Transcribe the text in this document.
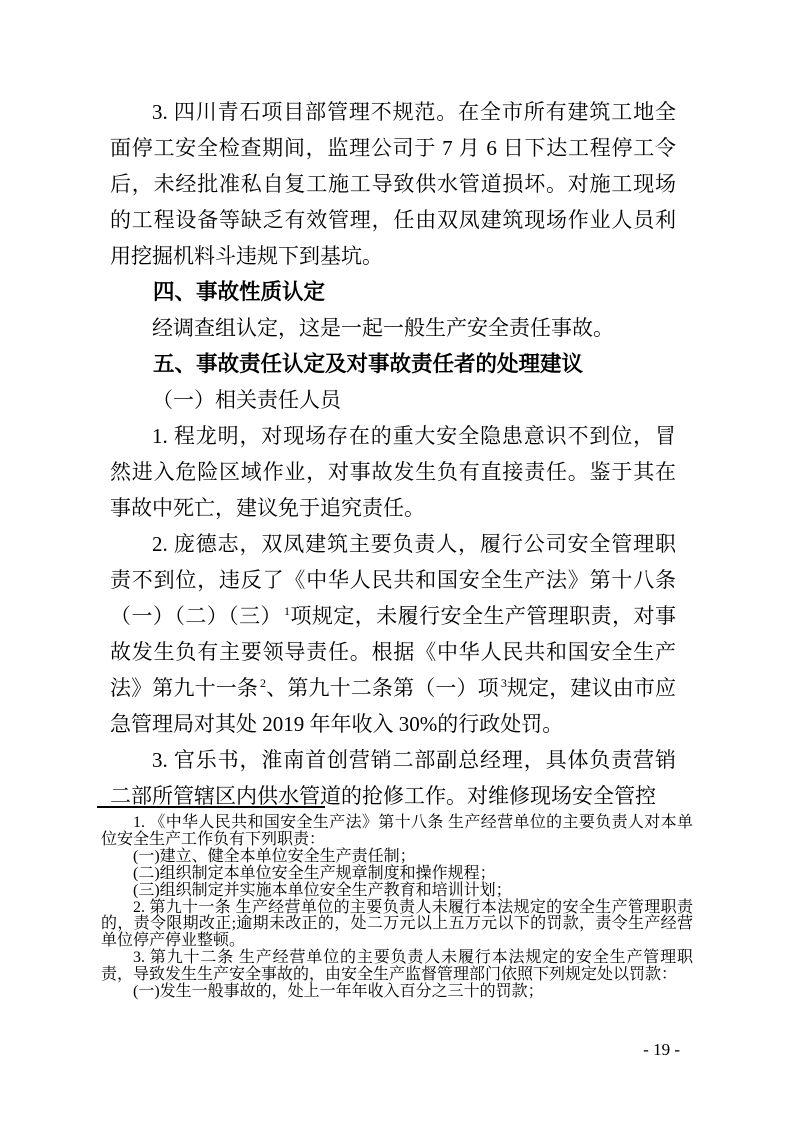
3. 四川青石项目部管理不规范。在全市所有建筑工地全面停工安全检查期间，监理公司于 7 月 6 日下达工程停工令后，未经批准私自复工施工导致供水管道损坏。对施工现场的工程设备等缺乏有效管理，任由双凤建筑现场作业人员利用挖掘机料斗违规下到基坑。

四、事故性质认定

经调查组认定，这是一起一般生产安全责任事故。

五、事故责任认定及对事故责任者的处理建议

（一）相关责任人员

1. 程龙明，对现场存在的重大安全隐患意识不到位，冒然进入危险区域作业，对事故发生负有直接责任。鉴于其在事故中死亡，建议免于追究责任。

2. 庞德志，双凤建筑主要负责人，履行公司安全管理职责不到位，违反了《中华人民共和国安全生产法》第十八条（一）（二）（三） $^1$项规定，未履行安全生产管理职责，对事故发生负有主要领导责任。根据《中华人民共和国安全生产法》第九十一条 $^2$、第九十二条第（一）项 $^3$规定，建议由市应急管理局对其处 2019 年年收入 30%的行政处罚。

3. 官乐书，淮南首创营销二部副总经理，具体负责营销二部所管辖区内供水管道的抢修工作。对维修现场安全管控

1. 《中华人民共和国安全生产法》第十八条 生产经营单位的主要负责人对本单位安全生产工作负有下列职责：

(一)建立、健全本单位安全生产责任制；

(二)组织制定本单位安全生产规章制度和操作规程；

(三)组织制定并实施本单位安全生产教育和培训计划；

2. 第九十一条 生产经营单位的主要负责人未履行本法规定的安全生产管理职责的，责令限期改正;逾期未改正的，处二万元以上五万元以下的罚款，责令生产经营单位停产停业整顿。

3. 第九十二条 生产经营单位的主要负责人未履行本法规定的安全生产管理职责，导致发生生产安全事故的，由安全生产监督管理部门依照下列规定处以罚款：

(一)发生一般事故的，处上一年年收入百分之三十的罚款；

- 19 -
